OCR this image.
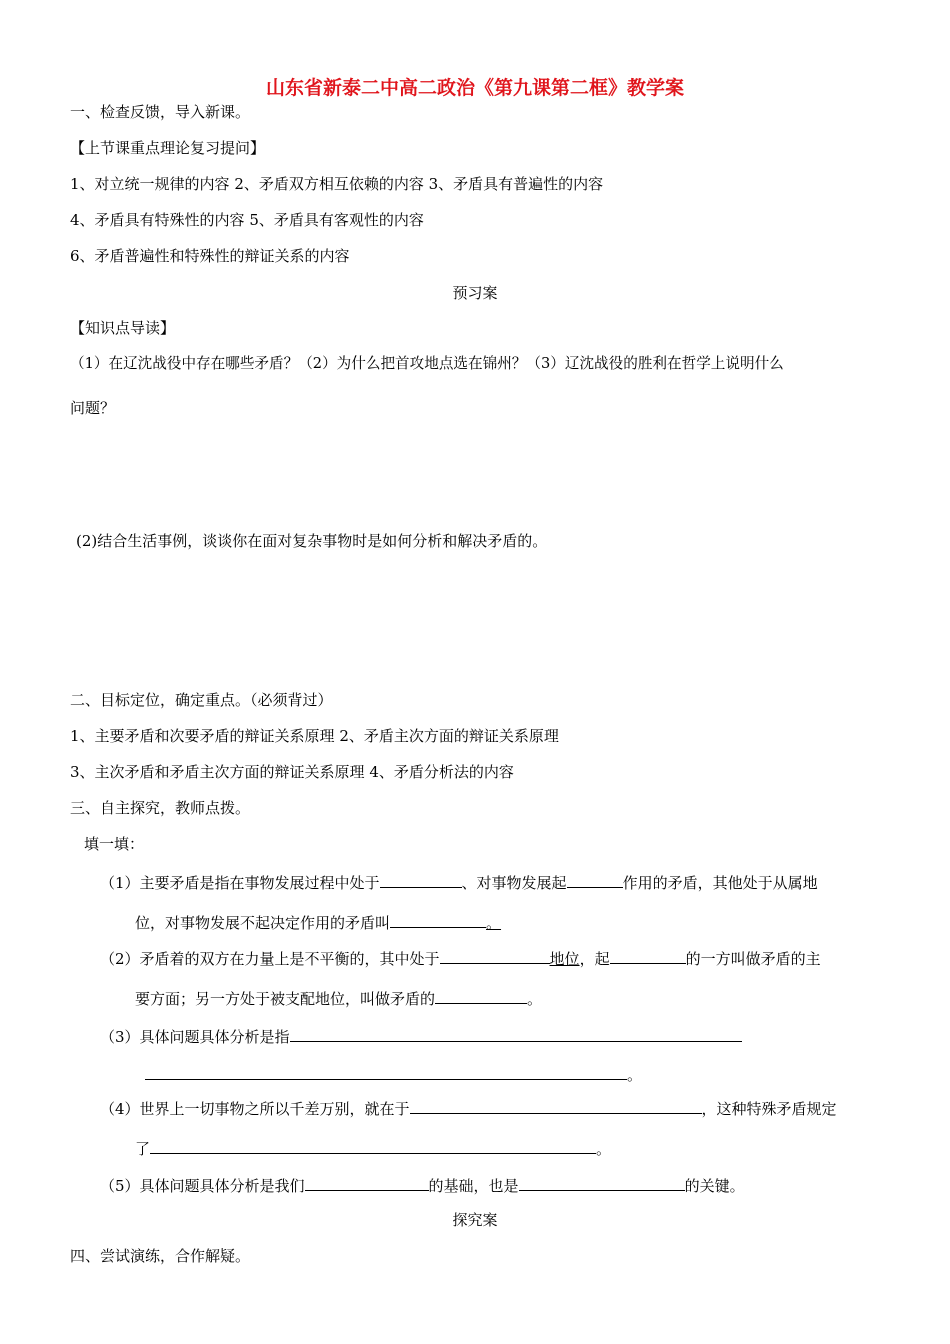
山东省新泰二中高二政治《第九课第二框》教学案
一、检查反馈，导入新课。
【上节课重点理论复习提问】
1、对立统一规律的内容 2、矛盾双方相互依赖的内容 3、矛盾具有普遍性的内容
4、矛盾具有特殊性的内容 5、矛盾具有客观性的内容
6、矛盾普遍性和特殊性的辩证关系的内容
预习案
【知识点导读】
（1）在辽沈战役中存在哪些矛盾？（2）为什么把首攻地点选在锦州？（3）辽沈战役的胜利在哲学上说明什么
问题？
(2)结合生活事例，谈谈你在面对复杂事物时是如何分析和解决矛盾的。
二、目标定位，确定重点。（必须背过）
1、主要矛盾和次要矛盾的辩证关系原理 2、矛盾主次方面的辩证关系原理
3、主次矛盾和矛盾主次方面的辩证关系原理 4、矛盾分析法的内容
三、自主探究，教师点拨。
填一填：
（1）主要矛盾是指在事物发展过程中处于	、对事物发展起	作用的矛盾，其他处于从属地
位，对事物发展不起决定作用的矛盾叫	。
（2）矛盾着的双方在力量上是不平衡的，其中处于	地位，起	的一方叫做矛盾的主
要方面；另一方处于被支配地位，叫做矛盾的	。
（3）具体问题具体分析是指
。
（4）世界上一切事物之所以千差万别，就在于	，这种特殊矛盾规定
了	。
（5）具体问题具体分析是我们	的基础，也是	的关键。
探究案
四、尝试演练，合作解疑。
